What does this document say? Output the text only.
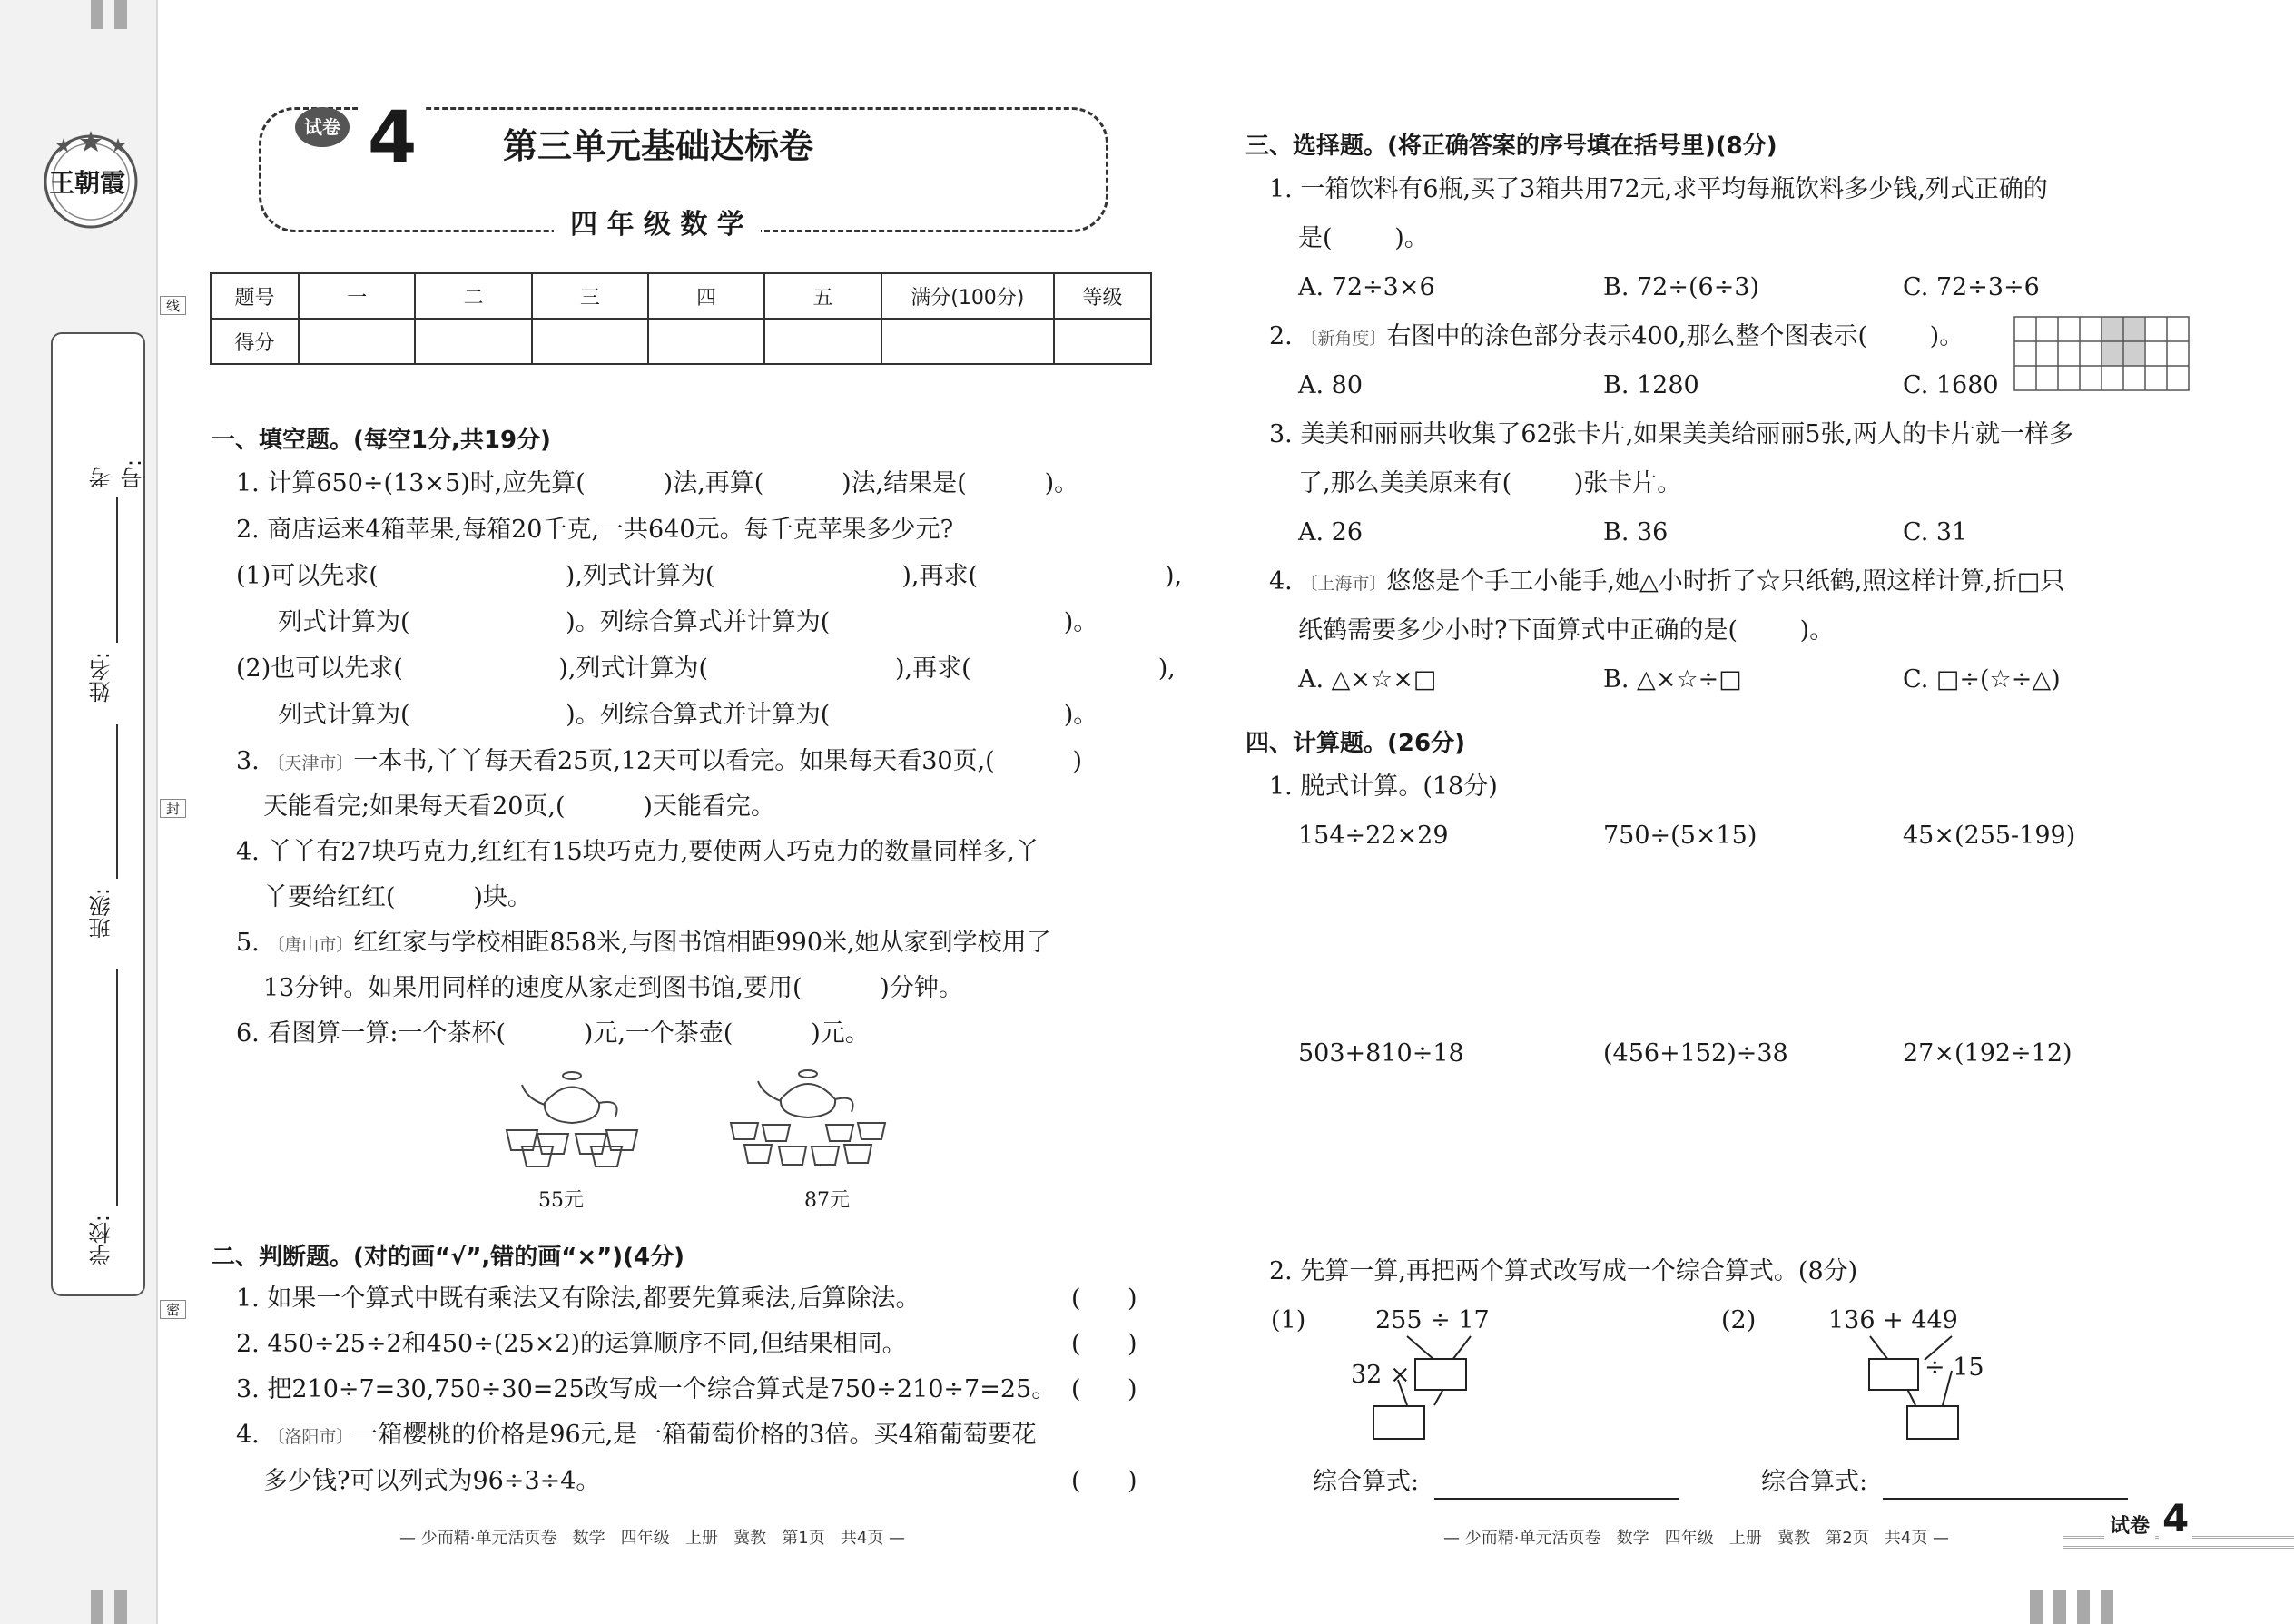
王朝霞
学校:
班级:
姓名:
考号:
线
封
密
试卷 4	第三单元基础达标卷
四 年 级 数 学
题号	一	二	三	四	五	满分(100分)	等级
得分							
一、填空题。(每空1分,共19分)
1. 计算650÷(13×5)时,应先算(          )法,再算(          )法,结果是(          )。
2. 商店运来4箱苹果,每箱20千克,一共640元。每千克苹果多少元?
(1)可以先求(                        ),列式计算为(                        ),再求(                        ),
列式计算为(                    )。列综合算式并计算为(                              )。
(2)也可以先求(                    ),列式计算为(                        ),再求(                        ),
列式计算为(                    )。列综合算式并计算为(                              )。
3. 〔天津市〕一本书,丫丫每天看25页,12天可以看完。如果每天看30页,(          )
天能看完;如果每天看20页,(          )天能看完。
4. 丫丫有27块巧克力,红红有15块巧克力,要使两人巧克力的数量同样多,丫
丫要给红红(          )块。
5. 〔唐山市〕红红家与学校相距858米,与图书馆相距990米,她从家到学校用了
13分钟。如果用同样的速度从家走到图书馆,要用(          )分钟。
6. 看图算一算:一个茶杯(          )元,一个茶壶(          )元。
55元	87元
二、判断题。(对的画“√”,错的画“×”)(4分)
1. 如果一个算式中既有乘法又有除法,都要先算乘法,后算除法。	(      )
2. 450÷25÷2和450÷(25×2)的运算顺序不同,但结果相同。	(      )
3. 把210÷7=30,750÷30=25改写成一个综合算式是750÷210÷7=25。 (      )
4. 〔洛阳市〕一箱樱桃的价格是96元,是一箱葡萄价格的3倍。买4箱葡萄要花
多少钱?可以列式为96÷3÷4。	(      )
— 少而精·单元活页卷   数学   四年级   上册   冀教   第1页   共4页 —
三、选择题。(将正确答案的序号填在括号里)(8分)
1. 一箱饮料有6瓶,买了3箱共用72元,求平均每瓶饮料多少钱,列式正确的
是(        )。
A. 72÷3×6	B. 72÷(6÷3)	C. 72÷3÷6
2. 〔新角度〕右图中的涂色部分表示400,那么整个图表示(        )。
A. 80	B. 1280	C. 1680
3. 美美和丽丽共收集了62张卡片,如果美美给丽丽5张,两人的卡片就一样多
了,那么美美原来有(        )张卡片。
A. 26	B. 36	C. 31
4. 〔上海市〕悠悠是个手工小能手,她△小时折了☆只纸鹤,照这样计算,折□只
纸鹤需要多少小时?下面算式中正确的是(        )。
A. △×☆×□	B. △×☆÷□	C. □÷(☆÷△)
四、计算题。(26分)
1. 脱式计算。(18分)
154÷22×29	750÷(5×15)	45×(255-199)
503+810÷18	(456+152)÷38	27×(192÷12)
2. 先算一算,再把两个算式改写成一个综合算式。(8分)
(1)	255 ÷ 17
32 ×
(2)	136 + 449
÷ 15
综合算式:	综合算式:
— 少而精·单元活页卷   数学   四年级   上册   冀教   第2页   共4页 —
试卷 4
